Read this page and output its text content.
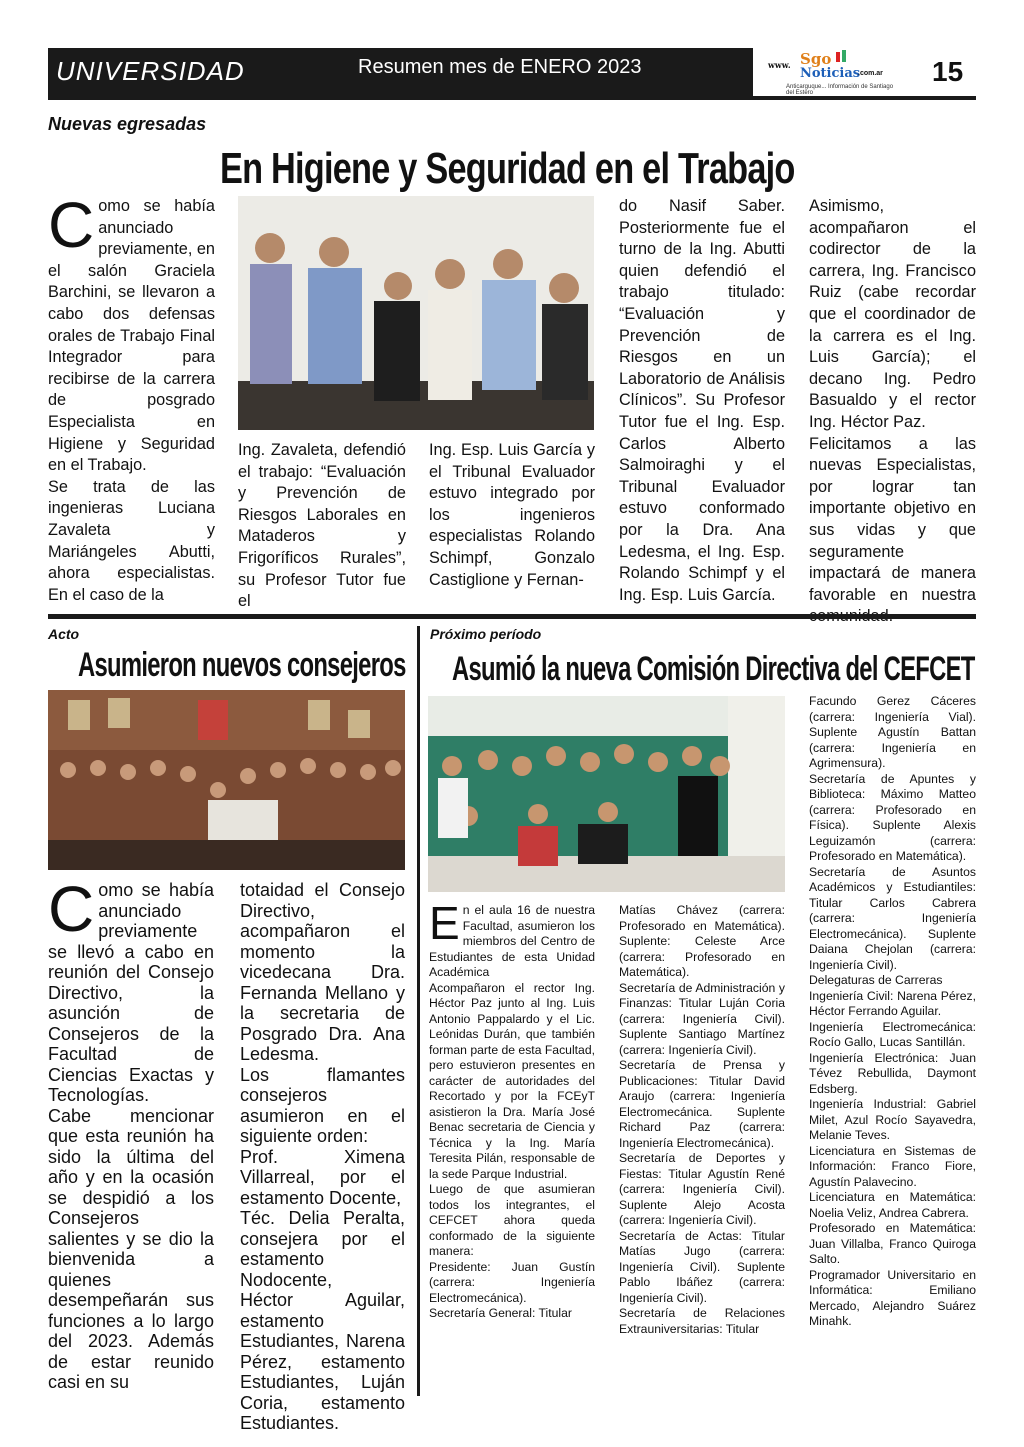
UNIVERSIDAD	Resumen mes de ENERO 2023	www. Sgo
Noticias
.com.ar
Anticarguque... Información de Santiago del Estero
15
Nuevas egresadas
En Higiene y Seguridad en el Trabajo

Como se había anunciado previamente, en el salón Graciela Barchini, se llevaron a cabo dos defensas orales de Trabajo Final Integrador para recibirse de la carrera de posgrado Especialista en Higiene y Seguridad en el Trabajo.

Se trata de las ingenieras Luciana Zavaleta y Mariángeles Abutti, ahora especialistas. En el caso de la

Ing. Zavaleta, defendió el trabajo: “Evaluación y Prevención de Riesgos Laborales en Mataderos y Frigoríficos Rurales”, su Profesor Tutor fue el

Ing. Esp. Luis García y el Tribunal Evaluador estuvo integrado por los ingenieros especialistas Rolando Schimpf, Gonzalo Castiglione y Fernan-

do Nasif Saber. Posteriormente fue el turno de la Ing. Abutti quien defendió el trabajo titulado: “Evaluación y Prevención de Riesgos en un Laboratorio de Análisis Clínicos”. Su Profesor Tutor fue el Ing. Esp. Carlos Alberto Salmoiraghi y el Tribunal Evaluador estuvo conformado por la Dra. Ana Ledesma, el Ing. Esp. Rolando Schimpf y el Ing. Esp. Luis García.

Asimismo, acompañaron el codirector de la carrera, Ing. Francisco Ruiz (cabe recordar que el coordinador de la carrera es el Ing. Luis García); el decano Ing. Pedro Basualdo y el rector Ing. Héctor Paz.

Felicitamos a las nuevas Especialistas, por lograr tan importante objetivo en sus vidas y que seguramente impactará de manera favorable en nuestra

Acto
Asumieron nuevos consejeros

Como se había anunciado previamente se llevó a cabo en reunión del Consejo Directivo, la asunción de Consejeros de la Facultad de Ciencias Exactas y Tecnologías.

Cabe mencionar que esta reunión ha sido la última del año y en la ocasión se despidió a los Consejeros salientes y se dio la bienvenida a quienes desempeñarán sus funciones a lo largo del 2023. Además de estar reunido casi en su

totaidad el Consejo Directivo, acompañaron el momento la vicedecana Dra. Fernanda Mellano y la secretaria de Posgrado Dra. Ana Ledesma.

Los flamantes consejeros asumieron en el siguiente orden:

Prof. Ximena Villarreal, por el estamento Docente,

Téc. Delia Peralta, consejera por el estamento Nodocente,

Héctor Aguilar, estamento Estudiantes, Narena Pérez, estamento Estudiantes, Luján Coria, estamento Estudiantes.

Próximo período
Asumió la nueva Comisión Directiva del CEFCET

En el aula 16 de nuestra Facultad, asumieron los miembros del Centro de Estudiantes de esta Unidad Académica

Acompañaron el rector Ing. Héctor Paz junto al Ing. Luis Antonio Pappalardo y el Lic. Leónidas Durán, que también forman parte de esta Facultad, pero estuvieron presentes en carácter de autoridades del Recortado y por la FCEyT asistieron la Dra. María José Benac secretaria de Ciencia y Técnica y la Ing. María Teresita Pilán, responsable de la sede Parque Industrial.

Luego de que asumieran todos los integrantes, el CEFCET ahora queda conformado de la siguiente manera:

Presidente: Juan Gustín (carrera: Ingeniería Electromecánica).

Secretaría General: Titular

Matías Chávez (carrera: Profesorado en Matemática). Suplente: Celeste Arce (carrera: Profesorado en Matemática).

Secretaría de Administración y Finanzas: Titular Luján Coria (carrera: Ingeniería Civil). Suplente Santiago Martínez (carrera: Ingeniería Civil).

Secretaría de Prensa y Publicaciones: Titular David Araujo (carrera: Ingeniería Electromecánica. Suplente Richard Paz (carrera: Ingeniería Electromecánica).

Secretaría de Deportes y Fiestas: Titular Agustín René (carrera: Ingeniería Civil). Suplente Alejo Acosta (carrera: Ingeniería Civil).

Secretaría de Actas: Titular Matías Jugo (carrera: Ingeniería Civil). Suplente Pablo Ibáñez (carrera: Ingeniería Civil).

Secretaría de Relaciones Extrauniversitarias: Titular

Facundo Gerez Cáceres (carrera: Ingeniería Vial). Suplente Agustín Battan (carrera: Ingeniería en Agrimensura).

Secretaría de Apuntes y Biblioteca: Máximo Matteo (carrera: Profesorado en Física). Suplente Alexis Leguizamón (carrera: Profesorado en Matemática).

Secretaría de Asuntos Académicos y Estudiantiles: Titular Carlos Cabrera (carrera: Ingeniería Electromecánica). Suplente Daiana Chejolan (carrera: Ingeniería Civil).

Delegaturas de Carreras

Ingeniería Civil: Narena Pérez, Héctor Ferrando Aguilar.

Ingeniería Electromecánica: Rocío Gallo, Lucas Santillán.

Ingeniería Electrónica: Juan Tévez Rebullida, Daymont Edsberg.

Ingeniería Industrial: Gabriel Milet, Azul Rocío Sayavedra, Melanie Teves.

Licenciatura en Sistemas de Información: Franco Fiore, Agustín Palavecino.

Licenciatura en Matemática: Noelia Veliz, Andrea Cabrera.

Profesorado en Matemática: Juan Villalba, Franco Quiroga Salto.

Programador Universitario en Informática: Emiliano Mercado, Alejandro Suárez Minahk.
